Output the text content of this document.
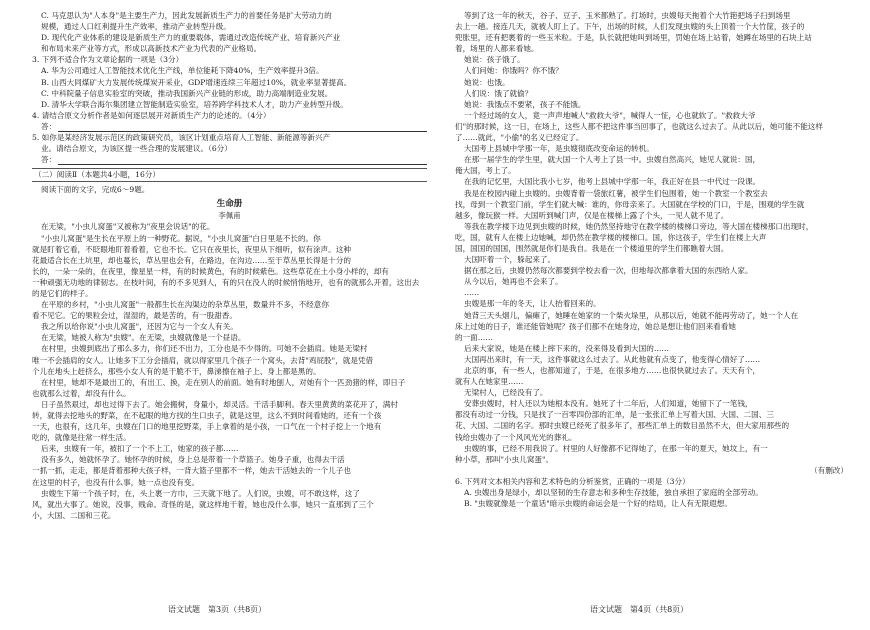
C. 马克思认为"人本身"是主要生产力，因此发展新质生产力的首要任务是扩大劳动力的

规模，通过人口红利提升生产效率，推动产业转型升级。

D. 现代化产业体系的建设是新质生产力的重要载体，需通过改造传统产业、培育新兴产业

和布局未来产业等方式，形成以高新技术产业为代表的产业格局。

3. 下列不适合作为文章论据的一项是（3分）

A. 华为公司通过人工智能技术优化生产线，单位能耗下降40%，生产效率提升3倍。

B. 山西大同煤矿大力发展传统煤炭开采业，GDP增速连续三年超过10%，就业率显著提高。

C. 中科院量子信息实验室的突破，推动我国新兴产业链的形成，助力高端制造业发展。

D. 清华大学联合海尔集团建立智能制造实验室，培养跨学科技术人才，助力产业转型升级。

4. 请结合原文分析作者是如何逐层展开对新质生产力的论述的。（4分）

答：

5. 如你是某经济发展示范区的政策研究员，该区计划重点培育人工智能、新能源等新兴产

业。请结合原文，为该区提一些合理的发展建议。（6分）

答：

（二）阅读Ⅱ（本题共4小题，16分）

阅读下面的文字，完成6～9题。

生命册
李佩甫

在无梁，"小虫儿窝蛋"又被称为"夜里会说话"的花。

"小虫儿窝蛋"是生长在平原上的一种野花。据说，"小虫儿窝蛋"白日里是不长的。你

就是盯着它看，不眨眼地盯着看着，它也不长。它只在夜里长，夜里从下细听，似有涂声。这种

花最适合长在土坑里，却也蔓长，草丛里也会有，在路边，在沟边……至于草丛里长得是十分的

长的，一朵一朵的，在夜里，像星星一样，有的时候黄色，有的时候紫色。这些草花在土小身小样的，却有

一种顽强无功地的律韧志。在枝叶间，有的不多见到人，有的只在没人的时候悄悄地开，也有的就那么开着，这出去

的是它们的样子。

在平原的乡村，"小虫儿窝蛋"一般都生长在沟渠边的杂草丛里，数量并不多，不经意你

看不见它。它的果粒会过，湿湿的，最是苦的，有一股甜香。

我之所以给你说"小虫儿窝蛋"，还因为它与一个女人有关。

在无梁，她被人称为"虫嫂"。在无梁，虫嫂就像是一个昼语。

在村里，虫嫂到底出了那么多力，你们还不出力，工分也是不少得的。可她不会插肩。她是无梁村

唯一不会插肩的女人。让她多下工分会插肩，就以得家里几个孩子一个窝头，去背"鸡屁股"，就是凭借

个儿在地头上赶挤么，那些小女人有的是干脆不干，鼻涕擦在袖子上、身上都是黑的。

在村里，她却不是最出工的，有出工、换，走在别人的前面。她有时地刨人，对她有个一匹劲猪的样，即日子

也就那么过着，却没有什么。

日子虽然艰过，却也过得下去了。她会搬树，身量小，却灵活。干活手脚利。春天里黄黄的菜花开了，满村

转，就得去挖地头的野菜，在不起眼的地方找的生口虫子，就是这里，这么不到时间看她的，还有一个孩

一天，也很有，这几年，虫嫂在门口的地里挖野菜，手上拿着的是小孩，一口气在一个村子挖上一个地有

吃的，就像是往常一样生活。

后来，虫嫂有一年，被扣了一个不上工，她家的孩子都……

没有多久，她就怀孕了。她怀孕的时候，身上总是带着一个草篮子。她身子重，也得去干活

一抓一抓，走走，都是背着那种大孩子样，一背大篮子里都不一样，她去干活她去的一个儿子也

在这里的村子，也没有什么事，她一点也没有变。

虫嫂生下第一个孩子时，在，头上裹一方巾，三天就下地了。人们说，虫嫂，可不敢这样，这了

风，就出大事了。她说，没事，贱命。奇怪的是，就这样地干着，她也没什么事，她只一直那到了三个

小，大国、二国和三花。

等到了这一年的秋天，谷子、豆子、玉米都熟了。打场时，虫嫂每天拖着个大竹筢把场子扫到场里

去上一趟。接连几天，就被人盯上了。下午，出场的时候，人们发现虫嫂的头上顶着一个大竹筐，孩子的

兜胀里，还有把裹着的一些玉米粒。于是，队长就把她叫到场里，罚她在场上站着，她蹲在场里的石块上站

着，场里的人都来看她。

她说：孩子饿了。

人们问她：你饿吗？你不饿？

她说：也饿。

人们说：饿了就偷？

她说：我饿点不要紧，孩子不能饿。

一个经过场的女人，竟一声声地喊人"救救大爷"，喊得人一怔，心也就软了。"救救大爷

们"的那时候，这一日，在场上，这些人都不把这件事当回事了，也就这么过去了。从此以后，她可能不能这样

了……就此，"小偷"的名义已经定了。

大国考上县城中学那一年，是虫嫂彻底改变命运的转机。

在那一届学生的学生里，就大国一个人考上了县一中。虫嫂自然高兴，她见人就说：国，

俺大国，考上了。

在我的记忆里，大国比我小七岁，他考上县城中学那一年，我正好在县一中代过一段课。

我是在校园内碰上虫嫂的。虫嫂背着一袋旅红薯，被学生们包围着，她一个教室一个教室去

找，母到一个教室门前，学生们就大喊：谁的，你母亲来了。大国就在学校的门口，于是，围观的学生就

越多，像玩猴一样。大国听到喊门声，仅是在楼梯上露了个头，一见人就不见了。

等我在教学楼下边见到虫嫂的时候，她仍然坚持地守在教学楼的楼梯口旁边，等大国在楼梯那口出现时，

吃，国，就有人在楼上边她喊，却仍然在教学楼的楼梯口。国，你这孩子，学生们在楼上大声

国，国国的国国，围然就是你们是我自。我是在一个楼道里的学生们都瞧着大国。

大国吓着一个，躲起来了。

据在那之后，虫嫂仍然每次都要到学校去看一次，但地每次都拿着大国的东西给人家。

从今以后，她再也不会来了。

……

虫嫂是那一年的冬天，让人抬着回来的。

她背三天头烟儿，偏瘫了，她睡在她家的一个柴火垛里，从那以后，她就不能再劳动了，她一个人在

床上过她的日子，谁还能管她呢？孩子们都不在她身边，她总是想让他们回来看看她

的一面……

后来大家说，她是在楼上摔下来的，没来得及看到大国的……

大国再出来时，有一天，这件事就这么过去了。从此他就有点变了，他变得心情好了……

北京的事，有一些人，也都知道了，于是，在很多地方……也很快就过去了。天天有个，

就有人在她家里……

无梁村人，已经没有了。

安葬虫嫂时，村人还以为她根本没有。她死了十二年后，人们知道，她留下了一笔钱，

都没有动过一分钱，只是找了一百零四份部的汇单，是一张张汇单上写着大国、大国、二国、三

花、大国、二国的名字。那时虫嫂已经死了很多年了，那些汇单上的数目虽然不大，但大家用那些的

钱给虫嫂办了一个风风光光的葬礼。

虫嫂的事，已经不用我说了。村里的人好像都不记得她了，在那一年的夏天，她坟上，有一

种小草，那叫"小虫儿窝蛋"。

（有删改）

6. 下列对文本相关内容和艺术特色的分析鉴赏，正确的一项是（3分）

A. 虫嫂出身是绿小，却以坚韧的生存意志和多种生存技能，独自承担了家庭的全部劳动。

B. "虫嫂就像是一个童话"暗示虫嫂的命运会是一个好的结局，让人有无限遐想。

语文试题　第3页（共8页）	语文试题　第4页（共8页）
